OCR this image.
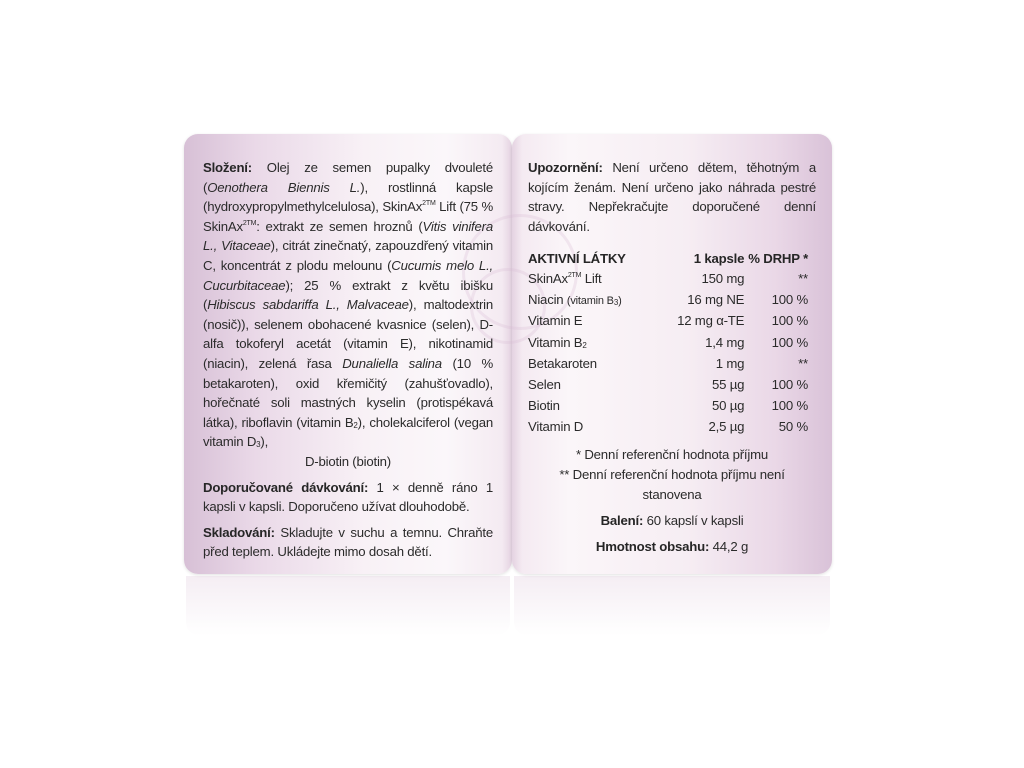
Složení: Olej ze semen pupalky dvouleté (Oenothera Biennis L.), rostlinná kapsle (hydroxypropylmethylcelulosa), SkinAx$^{2TM}$ Lift (75 % SkinAx$^{2TM}$: extrakt ze semen hroznů (Vitis vinifera L., Vitaceae), citrát zinečnatý, zapouzdřený vitamin C, koncentrát z plodu melounu (Cucumis melo L., Cucurbitaceae); 25 % extrakt z květu ibišku (Hibiscus sabdariffa L., Malvaceae), maltodextrin (nosič)), selenem obohacené kvasnice (selen), D-alfa tokoferyl acetát (vitamin E), nikotinamid (niacin), zelená řasa Dunaliella salina (10 % betakaroten), oxid křemičitý (zahušťovadlo), hořečnaté soli mastných kyselin (protispékavá látka), riboflavin (vitamin $B_2$), cholekalciferol (vegan vitamin $D_3$),

D-biotin (biotin)

Doporučované dávkování: 1 × denně ráno 1 kapsli v kapsli. Doporučeno užívat dlouhodobě.

Skladování: Skladujte v suchu a temnu. Chraňte před teplem. Ukládejte mimo dosah dětí.

Upozornění: Není určeno dětem, těhotným a kojícím ženám. Není určeno jako náhrada pestré stravy. Nepřekračujte doporučené denní dávkování.

AKTIVNÍ LÁTKY	1 kapsle	% DRHP *
SkinAx$^{2TM}$ Lift	150 mg	**
Niacin (vitamin $B_3$)	16 mg NE	100 %
Vitamin E	12 mg α-TE	100 %
Vitamin $B_2$	1,4 mg	100 %
Betakaroten	1 mg	**
Selen	55 µg	100 %
Biotin	50 µg	100 %
Vitamin D	2,5 µg	50 %

* Denní referenční hodnota příjmu

** Denní referenční hodnota příjmu není stanovena

Balení: 60 kapslí v kapsli

Hmotnost obsahu: 44,2 g
